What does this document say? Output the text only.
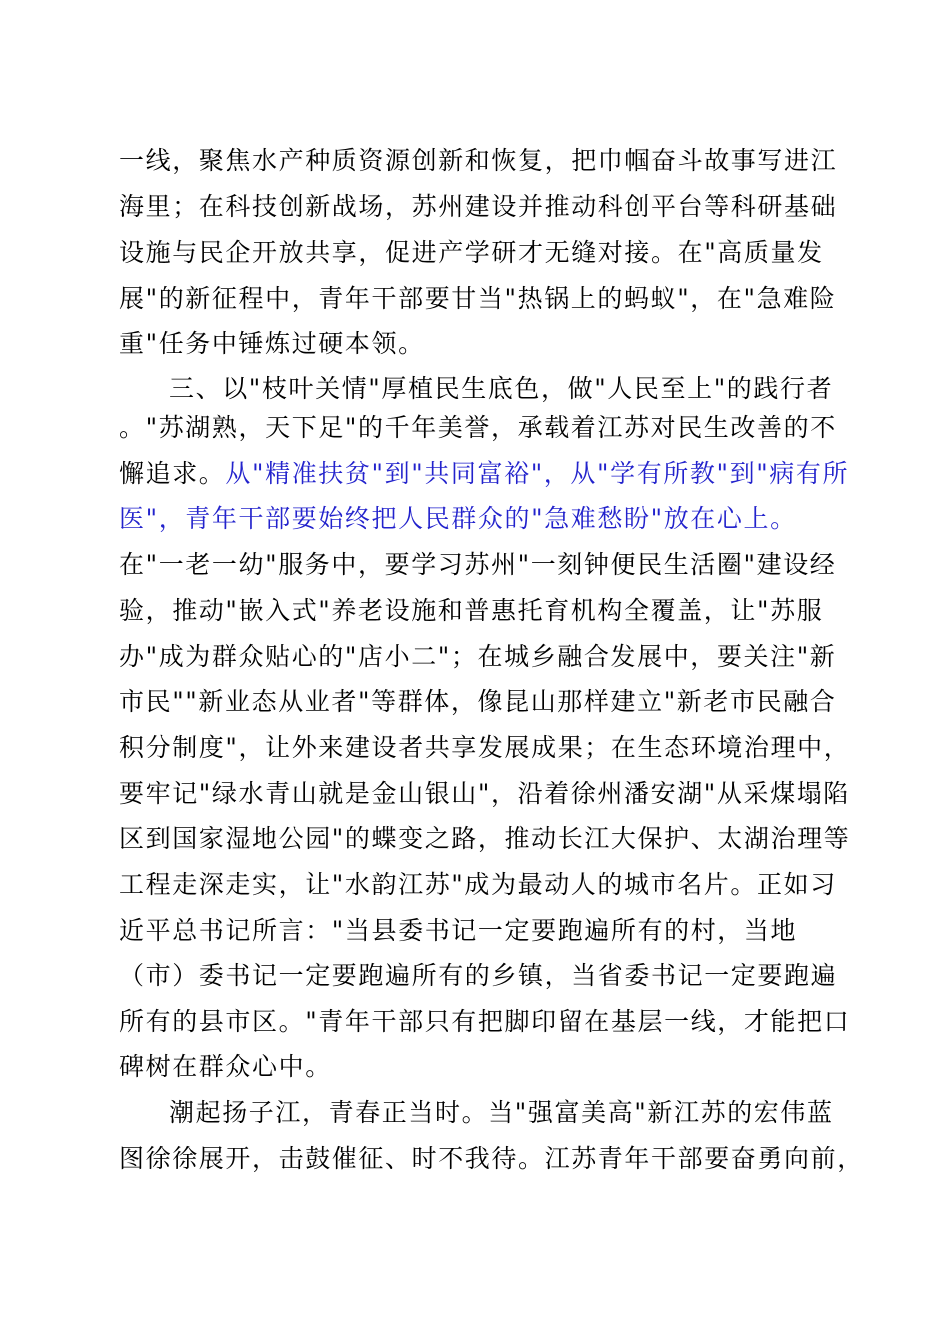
一线，聚焦水产种质资源创新和恢复，把巾帼奋斗故事写进江
海里；在科技创新战场，苏州建设并推动科创平台等科研基础
设施与民企开放共享，促进产学研才无缝对接。在"高质量发
展"的新征程中，青年干部要甘当"热锅上的蚂蚁"，在"急难险
重"任务中锤炼过硬本领。
三、以"枝叶关情"厚植民生底色，做"人民至上"的践行者
。"苏湖熟，天下足"的千年美誉，承载着江苏对民生改善的不
懈追求。从"精准扶贫"到"共同富裕"，从"学有所教"到"病有所
医"，青年干部要始终把人民群众的"急难愁盼"放在心上。
在"一老一幼"服务中，要学习苏州"一刻钟便民生活圈"建设经
验，推动"嵌入式"养老设施和普惠托育机构全覆盖，让"苏服
办"成为群众贴心的"店小二"；在城乡融合发展中，要关注"新
市民""新业态从业者"等群体，像昆山那样建立"新老市民融合
积分制度"，让外来建设者共享发展成果；在生态环境治理中，
要牢记"绿水青山就是金山银山"，沿着徐州潘安湖"从采煤塌陷
区到国家湿地公园"的蝶变之路，推动长江大保护、太湖治理等
工程走深走实，让"水韵江苏"成为最动人的城市名片。正如习
近平总书记所言："当县委书记一定要跑遍所有的村，当地
（市）委书记一定要跑遍所有的乡镇，当省委书记一定要跑遍
所有的县市区。"青年干部只有把脚印留在基层一线，才能把口
碑树在群众心中。
潮起扬子江，青春正当时。当"强富美高"新江苏的宏伟蓝
图徐徐展开，击鼓催征、时不我待。江苏青年干部要奋勇向前，
